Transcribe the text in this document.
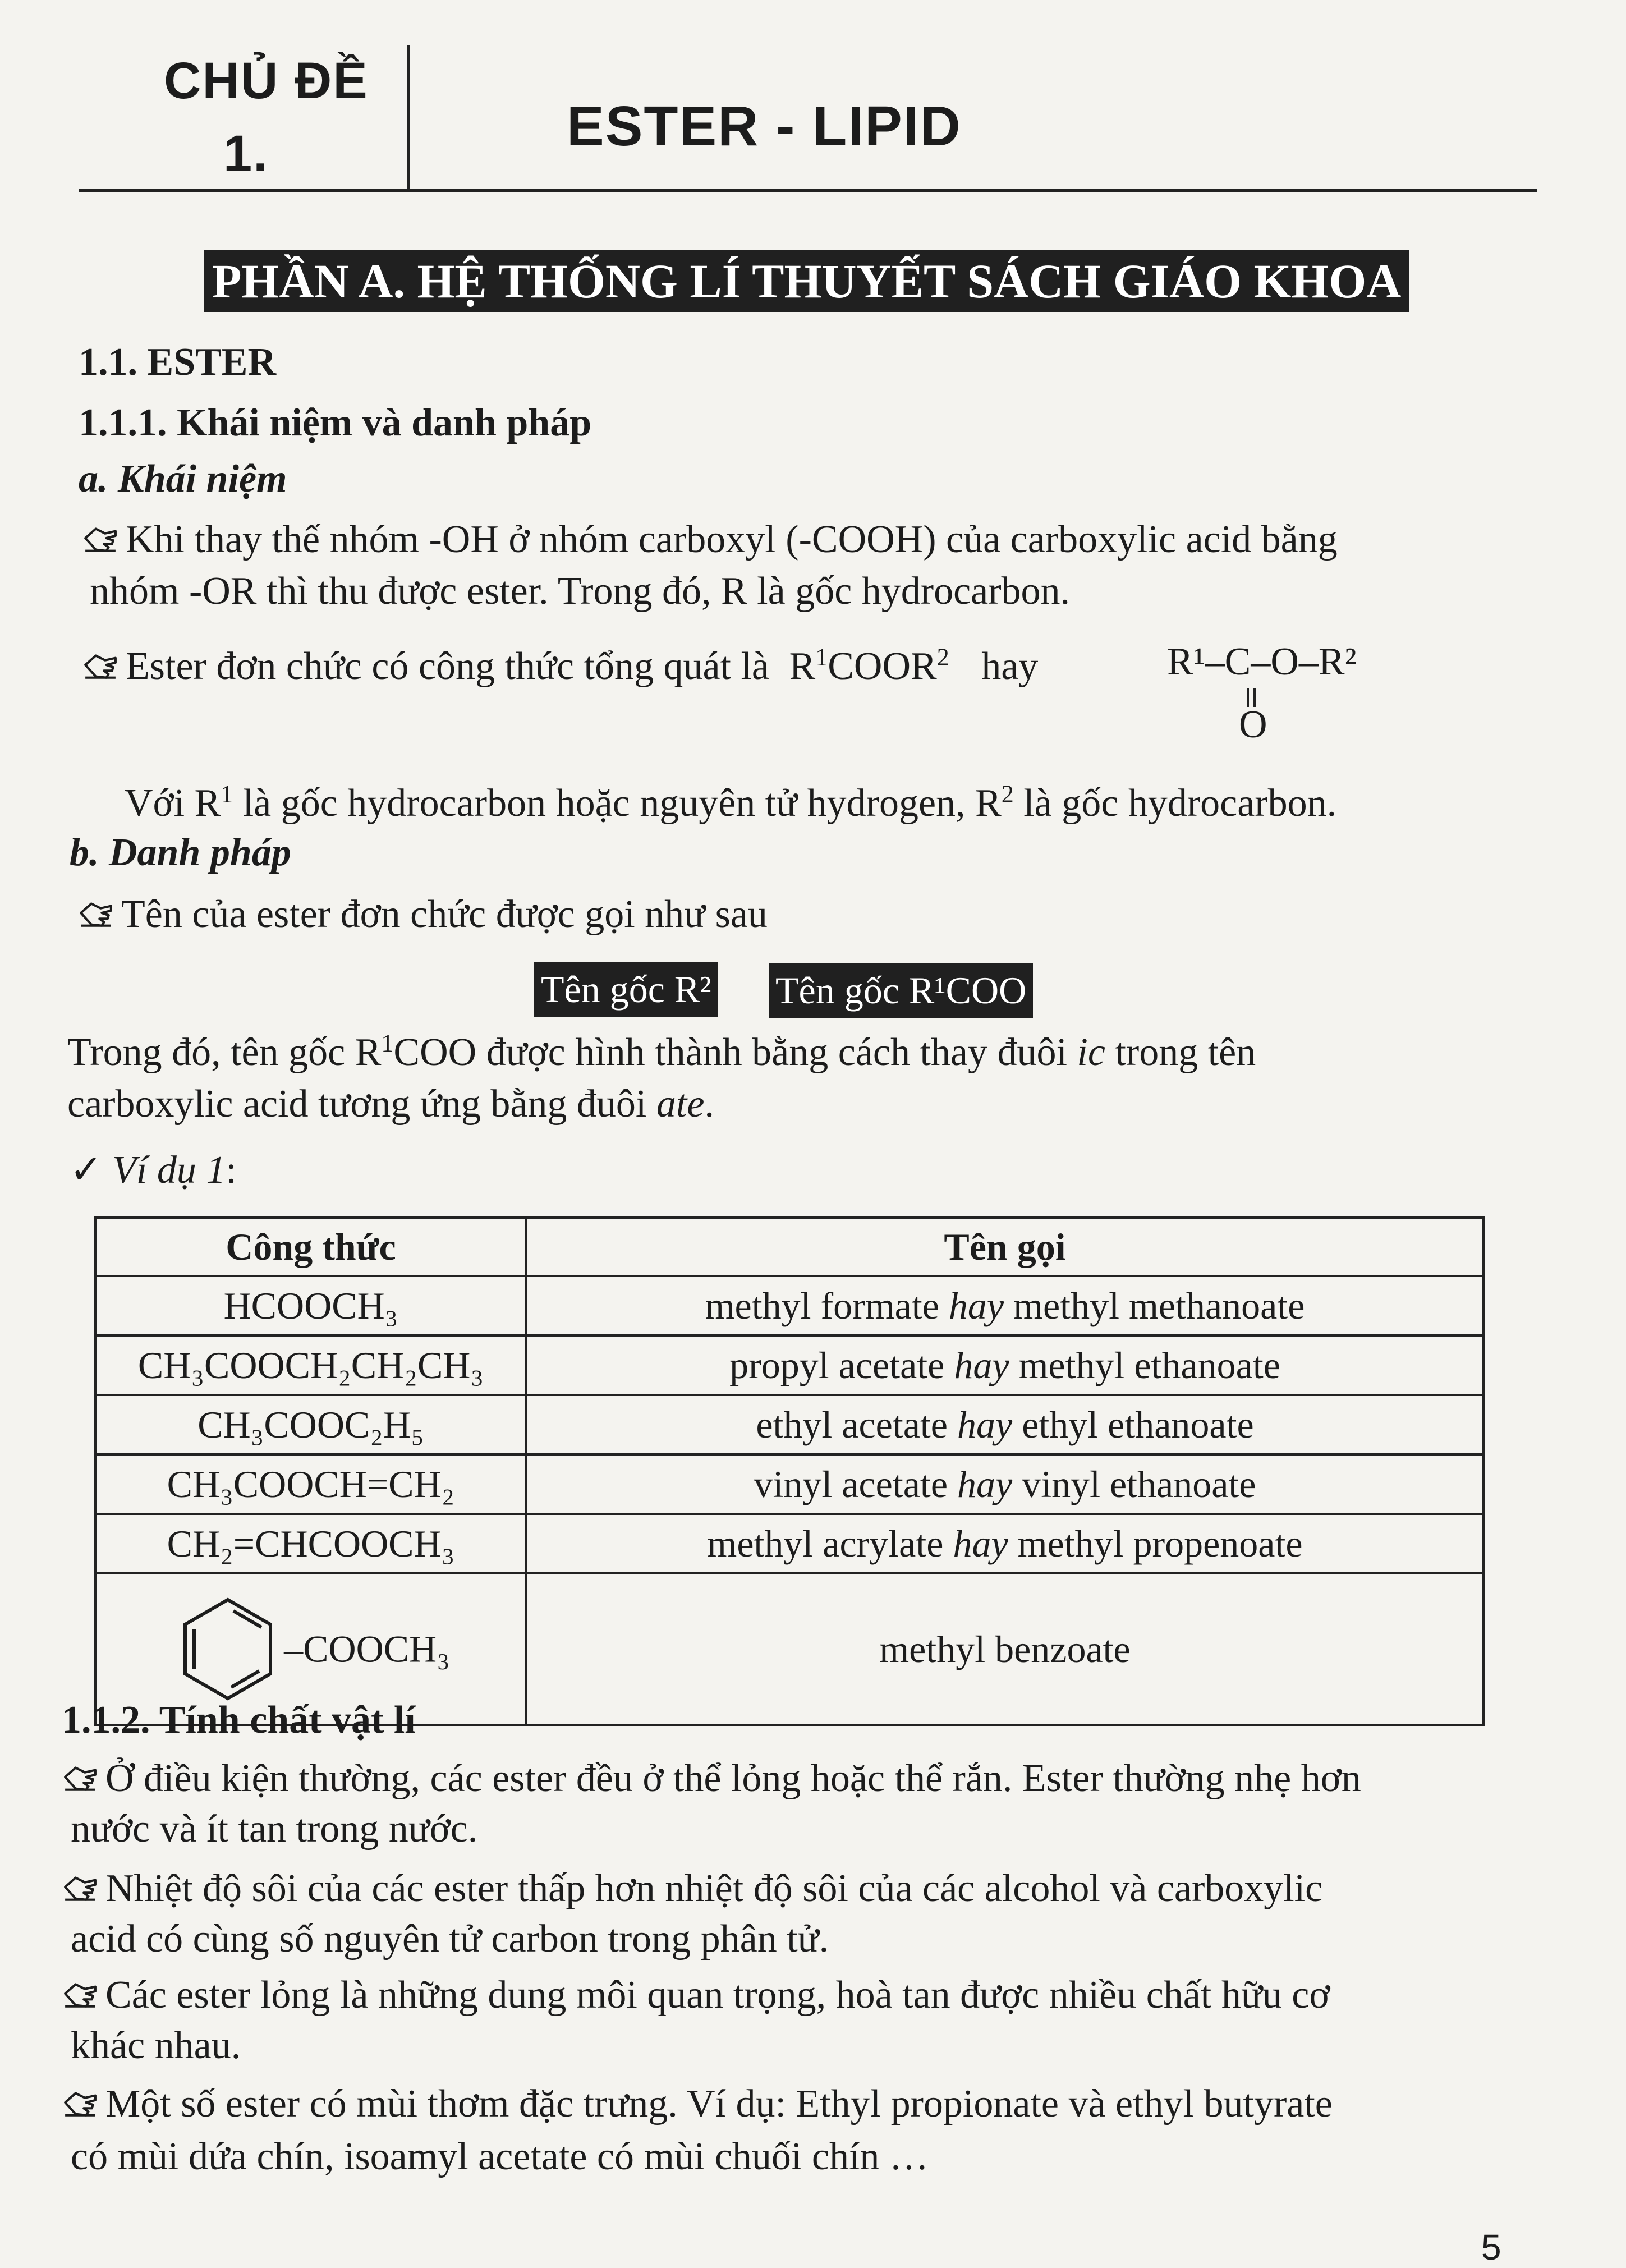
CHỦ ĐỀ
1.	ESTER - LIPID
PHẦN A. HỆ THỐNG LÍ THUYẾT SÁCH GIÁO KHOA
1.1. ESTER
1.1.1. Khái niệm và danh pháp
a. Khái niệm
Khi thay thế nhóm -OH ở nhóm carboxyl (-COOH) của carboxylic acid bằng
nhóm -OR thì thu được ester. Trong đó, R là gốc hydrocarbon.
Ester đơn chức có công thức tổng quát là $R^1COOR^2$ hay	R¹–C–O–R²
O
Với $R^1$ là gốc hydrocarbon hoặc nguyên tử hydrogen, $R^2$ là gốc hydrocarbon.
b. Danh pháp
Tên của ester đơn chức được gọi như sau
Tên gốc R² Tên gốc R¹COO
Trong đó, tên gốc $R^1COO$ được hình thành bằng cách thay đuôi ic trong tên
carboxylic acid tương ứng bằng đuôi ate.
✓ Ví dụ 1:
Công thức	Tên gọi
HCOOCH₃	methyl formate hay methyl methanoate
CH₃COOCH₂CH₂CH₃	propyl acetate hay methyl ethanoate
CH₃COOC₂H₅	ethyl acetate hay ethyl ethanoate
CH₃COOCH=CH₂	vinyl acetate hay vinyl ethanoate
CH₂=CHCOOCH₃	methyl acrylate hay methyl propenoate
–COOCH₃	methyl benzoate
1.1.2. Tính chất vật lí
Ở điều kiện thường, các ester đều ở thể lỏng hoặc thể rắn. Ester thường nhẹ hơn
nước và ít tan trong nước.
Nhiệt độ sôi của các ester thấp hơn nhiệt độ sôi của các alcohol và carboxylic
acid có cùng số nguyên tử carbon trong phân tử.
Các ester lỏng là những dung môi quan trọng, hoà tan được nhiều chất hữu cơ
khác nhau.
Một số ester có mùi thơm đặc trưng. Ví dụ: Ethyl propionate và ethyl butyrate
có mùi dứa chín, isoamyl acetate có mùi chuối chín …
5
